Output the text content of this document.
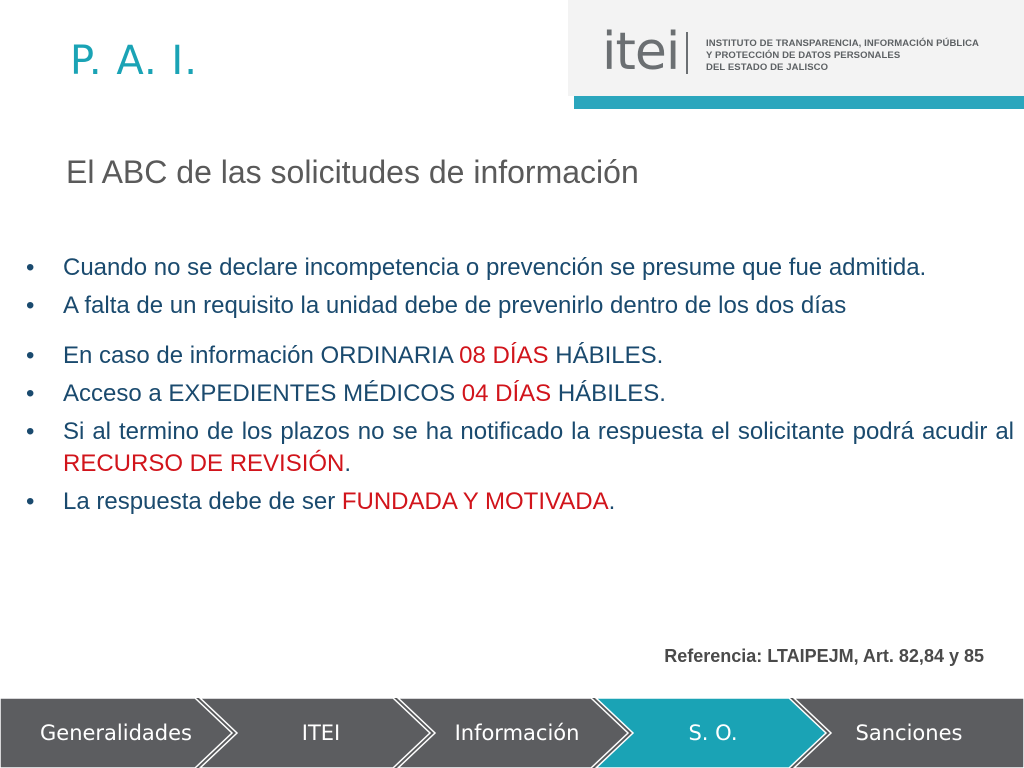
P. A. I.	itei	INSTITUTO DE TRANSPARENCIA, INFORMACIÓN PÚBLICA
Y PROTECCIÓN DE DATOS PERSONALES
DEL ESTADO DE JALISCO
El ABC de las solicitudes de información
• Cuando no se declare incompetencia o prevención se presume que fue admitida.
• A falta de un requisito la unidad debe de prevenirlo dentro de los dos días
• En caso de información ORDINARIA 08 DÍAS HÁBILES.
• Acceso a EXPEDIENTES MÉDICOS 04 DÍAS HÁBILES.
• Si al termino de los plazos no se ha notificado la respuesta el solicitante podrá acudir al RECURSO DE REVISIÓN.
• La respuesta debe de ser FUNDADA Y MOTIVADA.
Referencia: LTAIPEJM, Art. 82,84 y 85
Generalidades	ITEI	Información	S. O.	Sanciones
